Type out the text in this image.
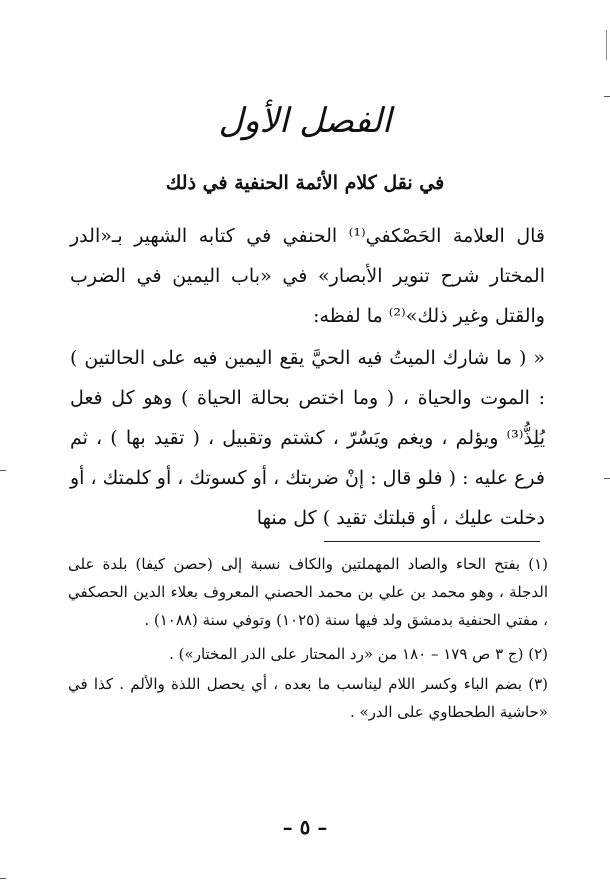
الفصل الأول
في نقل كلام الأئمة الحنفية في ذلك

قال العلامة الحَصْكفي⁽¹⁾ الحنفي في كتابه الشهير بـ«الدر المختار شرح تنوير الأبصار» في «باب اليمين في الضرب والقتل وغير ذلك»⁽²⁾ ما لفظه:

« ( ما شارك الميتُ فيه الحيَّ يقع اليمين فيه على الحالتين ) : الموت والحياة ، ( وما اختص بحالة الحياة ) وهو كل فعل يُلِذُّ⁽³⁾ ويؤلم ، ويغم ويَسُرّ ، كشتم وتقبيل ، ( تقيد بها ) ، ثم فرع عليه : ( فلو قال : إنْ ضربتك ، أو كسوتك ، أو كلمتك ، أو دخلت عليك ، أو قبلتك تقيد ) كل منها

(١) بفتح الحاء والصاد المهملتين والكاف نسبة إلى (حصن كيفا) بلدة على الدجلة ، وهو محمد بن علي بن محمد الحصني المعروف بعلاء الدين الحصكفي ، مفتي الحنفية بدمشق ولد فيها سنة (١٠٢٥) وتوفي سنة (١٠٨٨) .

(٢) (ج ٣ ص ١٧٩ – ١٨٠ من «رد المحتار على الدر المختار») .

(٣) بضم الباء وكسر اللام ليناسب ما بعده ، أي يحصل اللذة والألم . كذا في «حاشية الطحطاوي على الدر» .

– ٥ –
